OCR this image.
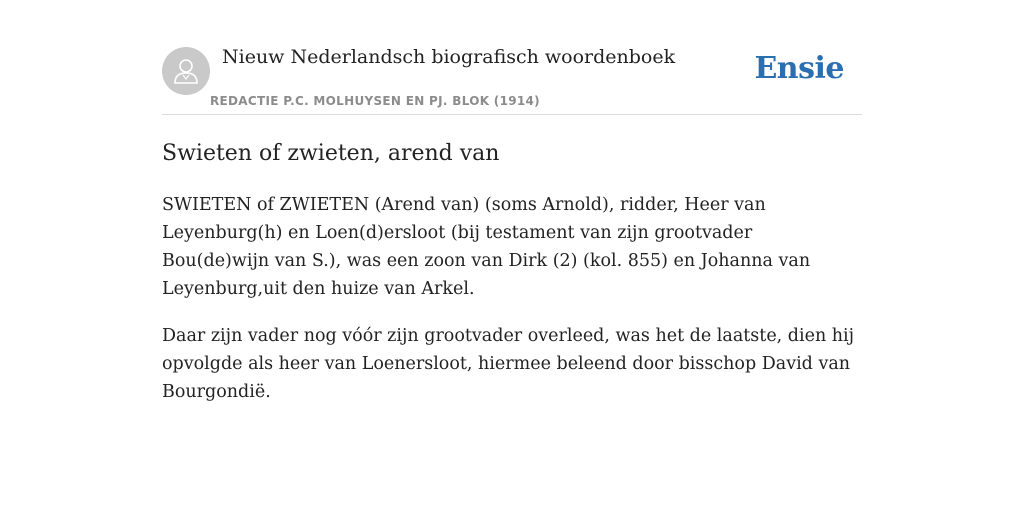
Nieuw Nederlandsch biografisch woordenboek
REDACTIE P.C. MOLHUYSEN EN PJ. BLOK (1914)
Ensie
Swieten of zwieten, arend van

SWIETEN of ZWIETEN (Arend van) (soms Arnold), ridder, Heer van Leyenburg(h) en Loen(d)ersloot (bij testament van zijn grootvader Bou(de)wijn van S.), was een zoon van Dirk (2) (kol. 855) en Johanna van Leyenburg,uit den huize van Arkel.

Daar zijn vader nog vóór zijn grootvader overleed, was het de laatste, dien hij opvolgde als heer van Loenersloot, hiermee beleend door bisschop David van Bourgondië.
